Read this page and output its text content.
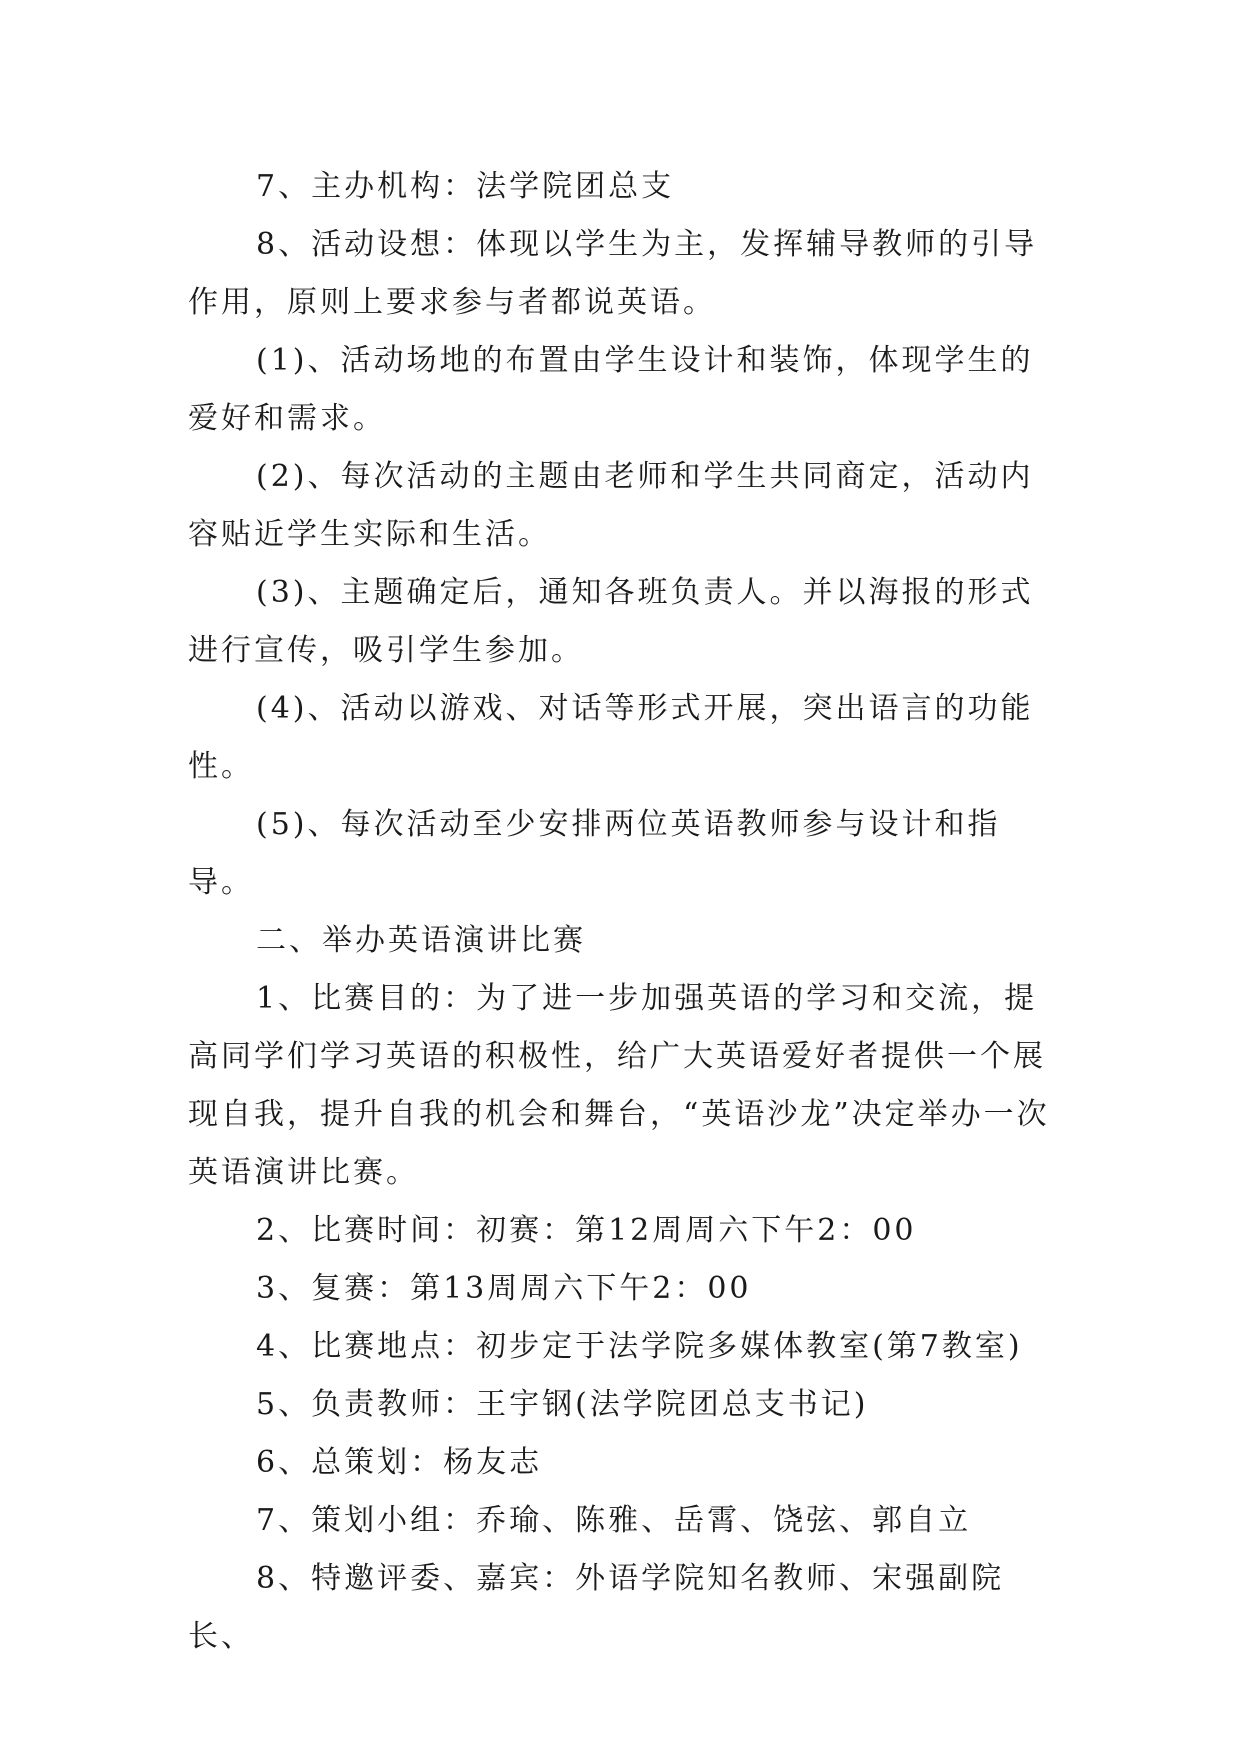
7、主办机构：法学院团总支

8、活动设想：体现以学生为主，发挥辅导教师的引导作用，原则上要求参与者都说英语。

(1)、活动场地的布置由学生设计和装饰，体现学生的爱好和需求。

(2)、每次活动的主题由老师和学生共同商定，活动内容贴近学生实际和生活。

(3)、主题确定后，通知各班负责人。并以海报的形式进行宣传，吸引学生参加。

(4)、活动以游戏、对话等形式开展，突出语言的功能性。

(5)、每次活动至少安排两位英语教师参与设计和指导。

二、举办英语演讲比赛

1、比赛目的：为了进一步加强英语的学习和交流，提高同学们学习英语的积极性，给广大英语爱好者提供一个展现自我，提升自我的机会和舞台，“英语沙龙”决定举办一次英语演讲比赛。

2、比赛时间：初赛：第12周周六下午2：00

3、复赛：第13周周六下午2：00

4、比赛地点：初步定于法学院多媒体教室(第7教室)

5、负责教师：王宇钢(法学院团总支书记)

6、总策划：杨友志

7、策划小组：乔瑜、陈雅、岳霄、饶弦、郭自立

8、特邀评委、嘉宾：外语学院知名教师、宋强副院长、
